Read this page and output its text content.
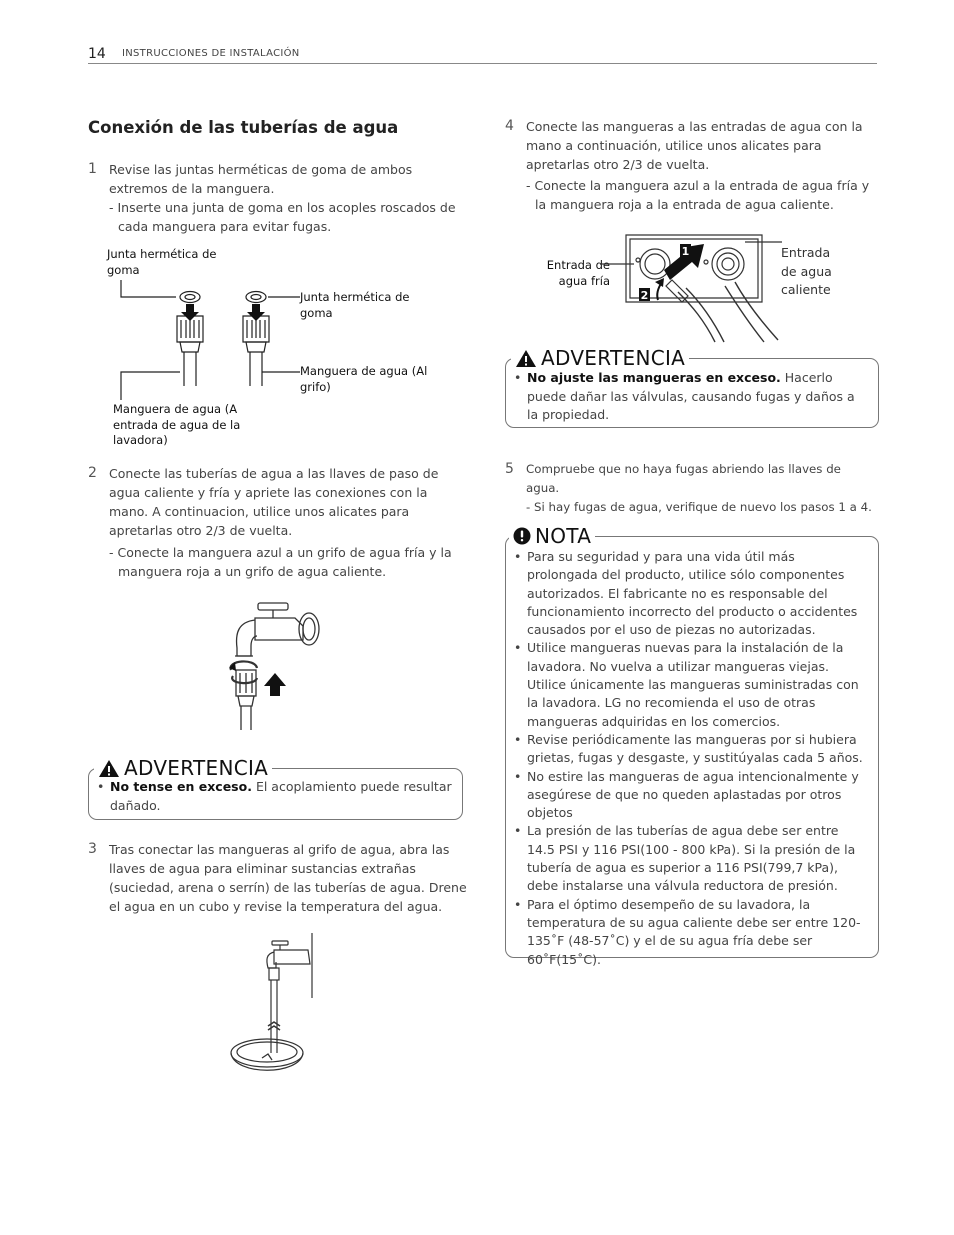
14 INSTRUCCIONES DE INSTALACIÓN
Conexión de las tuberías de agua
1 Revise las juntas herméticas de goma de ambos extremos de la manguera.
- Inserte una junta de goma en los acoples roscados de cada manguera para evitar fugas.
Junta hermética de goma
Junta hermética de goma
Manguera de agua (Al grifo)
Manguera de agua (A entrada de agua de la lavadora)
2 Conecte las tuberías de agua a las llaves de paso de agua caliente y fría y apriete las conexiones con la mano. A continuacion, utilice unos alicates para apretarlas otro 2/3 de vuelta.
- Conecte la manguera azul a un grifo de agua fría y la manguera roja a un grifo de agua caliente.
ADVERTENCIA
• No tense en exceso. El acoplamiento puede resultar dañado.
3 Tras conectar las mangueras al grifo de agua, abra las llaves de agua para eliminar sustancias extrañas (suciedad, arena o serrín) de las tuberías de agua. Drene el agua en un cubo y revise la temperatura del agua.
4 Conecte las mangueras a las entradas de agua con la mano a continuación, utilice unos alicates para apretarlas otro 2/3 de vuelta.
- Conecte la manguera azul a la entrada de agua fría y la manguera roja a la entrada de agua caliente.
Entrada de agua fría
Entrada de agua caliente
1
2
ADVERTENCIA
• No ajuste las mangueras en exceso. Hacerlo puede dañar las válvulas, causando fugas y daños a la propiedad.
5 Compruebe que no haya fugas abriendo las llaves de agua.
- Si hay fugas de agua, verifique de nuevo los pasos 1 a 4.
NOTA
• Para su seguridad y para una vida útil más prolongada del producto, utilice sólo componentes autorizados. El fabricante no es responsable del funcionamiento incorrecto del producto o accidentes causados por el uso de piezas no autorizadas.
• Utilice mangueras nuevas para la instalación de la lavadora. No vuelva a utilizar mangueras viejas. Utilice únicamente las mangueras suministradas con la lavadora. LG no recomienda el uso de otras mangueras adquiridas en los comercios.
• Revise periódicamente las mangueras por si hubiera grietas, fugas y desgaste, y sustitúyalas cada 5 años.
• No estire las mangueras de agua intencionalmente y asegúrese de que no queden aplastadas por otros objetos
• La presión de las tuberías de agua debe ser entre 14.5 PSI y 116 PSI(100 - 800 kPa). Si la presión de la tubería de agua es superior a 116 PSI(799,7 kPa), debe instalarse una válvula reductora de presión.
• Para el óptimo desempeño de su lavadora, la temperatura de su agua caliente debe ser entre 120-135˚F (48-57˚C) y el de su agua fría debe ser 60˚F(15˚C).
